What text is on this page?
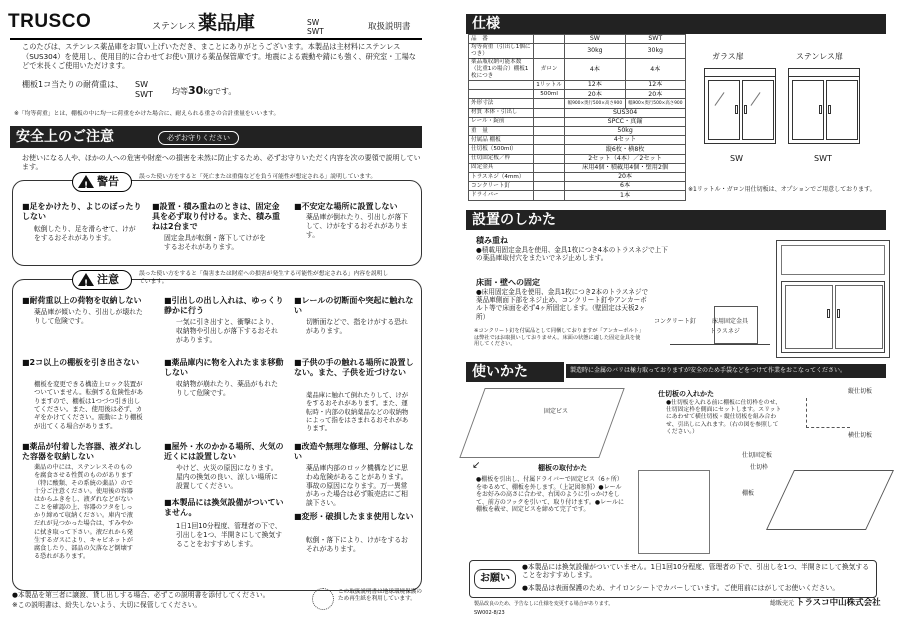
TRUSCO	ステンレス 薬品庫	SW
SWT	取扱説明書
このたびは、ステンレス薬品庫をお買い上げいただき、まことにありがとうございます。本製品は主材料にステンレス（SUS304）を使用し、使用目的に合わせてお使い頂ける薬品保管庫です。地震による震動や錆にも強く、研究室・工場などで末長くご使用いただけます。
棚板1コ当たりの耐荷重は、 SW
SWT 均等30kgです。
※「均等荷重」とは、棚板の中に均一に荷重をかけた場合に、耐えられる重さの合計重量をいいます。
安全上のご注意	必ずお守りください
お使いになる人や、ほかの人への危害や財産への損害を未然に防止するため、必ずお守りいただく内容を次の要領で説明しています。
!
警告	誤った使い方をすると「死亡または重傷などを負う可能性が想定される」説明しています。
■足をかけたり、よじのぼったりしない
転倒したり、足を滑らせて、けがをするおそれがあります。
■設置・積み重ねのときは、固定金具を必ず取り付ける。また、積み重ねは2台まで
固定金具が転倒・落下してけがをするおそれがあります。
■不安定な場所に設置しない
薬品庫が倒れたり、引出しが落下して、けがをするおそれがあります。
!
注意	誤った使い方をすると「傷害または財産への損害が発生する可能性が想定される」内容を説明しています。
■耐荷重以上の荷物を収納しない
薬品庫が傾いたり、引出しが壊れたりして危険です。
■引出しの出し入れは、ゆっくり静かに行う
一気に引き出すと、衝撃により、収納物や引出しが落下するおそれがあります。
■レールの切断面や突起に触れない
切断面などで、指をけがする恐れがあります。
■2コ以上の棚板を引き出さない
棚板を変更できる構造上ロック装置がついていません。転倒する危険性がありますので、棚板は1つづつ引き出してください。また、使用後は必ず、カギをかけてください。震動により棚板が出てくる場合があります。
■薬品庫内に物を入れたまま移動しない
収納物が崩れたり、薬品がもれたりして危険です。
■子供の手の触れる場所に設置しない。また、子供を近づけない
薬品庫に触れて倒れたりして、けがをするおそれがあります。また、運転時・内部の収納薬品などの収納物によって指をはさまれるおそれがあります。
■薬品が付着した容器、液ダれした容器を収納しない
薬品の中には、ステンレスそのものを腐食させる性質のものがあります（特に酸類、その系統の薬品）ので十分ご注意ください。使用後の容器はからふきをし、液ダれなどがないことを確認の上、容器のフタをしっかり締めて収納ください。庫内で液だれが見つかった場合は、すみやかに拭き取って下さい。液だれから発生するガスにより、キャビネットが腐食したり、部品の欠落など倒壊する恐れがあります。
■屋外・水のかかる場所、火気の近くには設置しない
やけど、火災の原因になります。屋内の換気の良い、涼しい場所に設置してください。
■改造や無理な修理、分解はしない
薬品庫内部のロック機構などに思わぬ危険があることがあります。事故の原因になります。万一異常があった場合は必ず販売店にご相談下さい。
■本製品には換気設備がついていません。
1日1回10分程度、管理者の下で、引出しを1つ、半開きにして換気することをおすすめします。
■変形・破損したまま使用しない
転倒・落下により、けがをするおそれがあります。
●本製品を第三者に譲渡、貸し出しする場合、必ずこの説明書を添付してください。
※この説明書は、紛失しないよう、大切に保管してください。
この取扱説明書は地球環境保護のため再生紙を利用しています。
仕様
品　番		SW	SWT
均等荷重（引出し1個につき）		30kg	30kg
薬品瓶収納可能本数（比重1の場合）棚板1枚につき	ガロン	4本	4本
	1リットル	12本	12本
	500ml	20本	20本
外形寸法		幅900×奥行500×高さ900	幅900×奥行500×高さ900
材質 本体・引出し		SUS304	
レール・錠前		SPCC・真鍮	
重　量		50kg	
付属品 棚板		4セット	
仕切板（500ml）		縦6枚・横8枚	
仕切固定板／枠		2セット（4本）／2セット	
固定金具		床用4個・積載用4個・壁用2個	
トラスネジ（4mm）		20本	
コンクリート釘		6本	
ドライバー		1本	
ガラス扉	ステンレス扉
SW	SWT
※1リットル・ガロン用仕切板は、オプションでご用意しております。
設置のしかた
積み重ね
●積載用固定金具を使用、金具1枚につき4本のトラスネジで上下の薬品庫取付穴をまたいでネジ止めします。
床面・壁への固定
●床用固定金具を使用、金具1枚につき2本のトラスネジで薬品庫側面下部をネジ止め、コンクリート釘やアンカーボルト等で床面を必ず4ヶ所固定します。（壁固定は天板2ヶ所）
※コンクリート釘を付属品として同梱しておりますが「アンカーボルト」は弊社ではお取扱いしておりません。床面の状態に適した固定金具を使用してください。
コンクリート釘	床用固定金具
トラスネジ
使いかた	製造時に金属のバリは極力取っておりますが安全のため手袋などをつけて作業をおこなってください。
固定ビス
↙	棚板の取付かた
●棚板を引出し、付属ドライバーで固定ビス（6ヶ所）をゆるめて、棚板を外します。（上記図参照）●レールをお好みの高さに合わせ、右図のように引っかけをして、前方のフックを引いて、取り付けます。●レールに棚板を載せ、固定ビスを締めて完了です。
仕切板の入れかた
●仕切板を入れる前に棚板に仕切枠をのせ、仕切固定枠を側面にセットします。スリットにあわせて横仕切板・縦仕切板を組み合わせ、引出しに入れます。（右の図を参照してください。）
縦仕切板
横仕切板
仕切固定板
仕切枠
棚板
お願い
●本製品には換気設備がついていません。1日1回10分程度、管理者の下で、引出しを1つ、半開きにして換気することをおすすめします。
●本製品は表面保護のため、ナイロンシートでカバーしています。ご使用前にはがしてお使いください。
製品改良のため、予告なしに仕様を変更する場合があります。
SW002-8/23
総販売元 トラスコ中山株式会社
